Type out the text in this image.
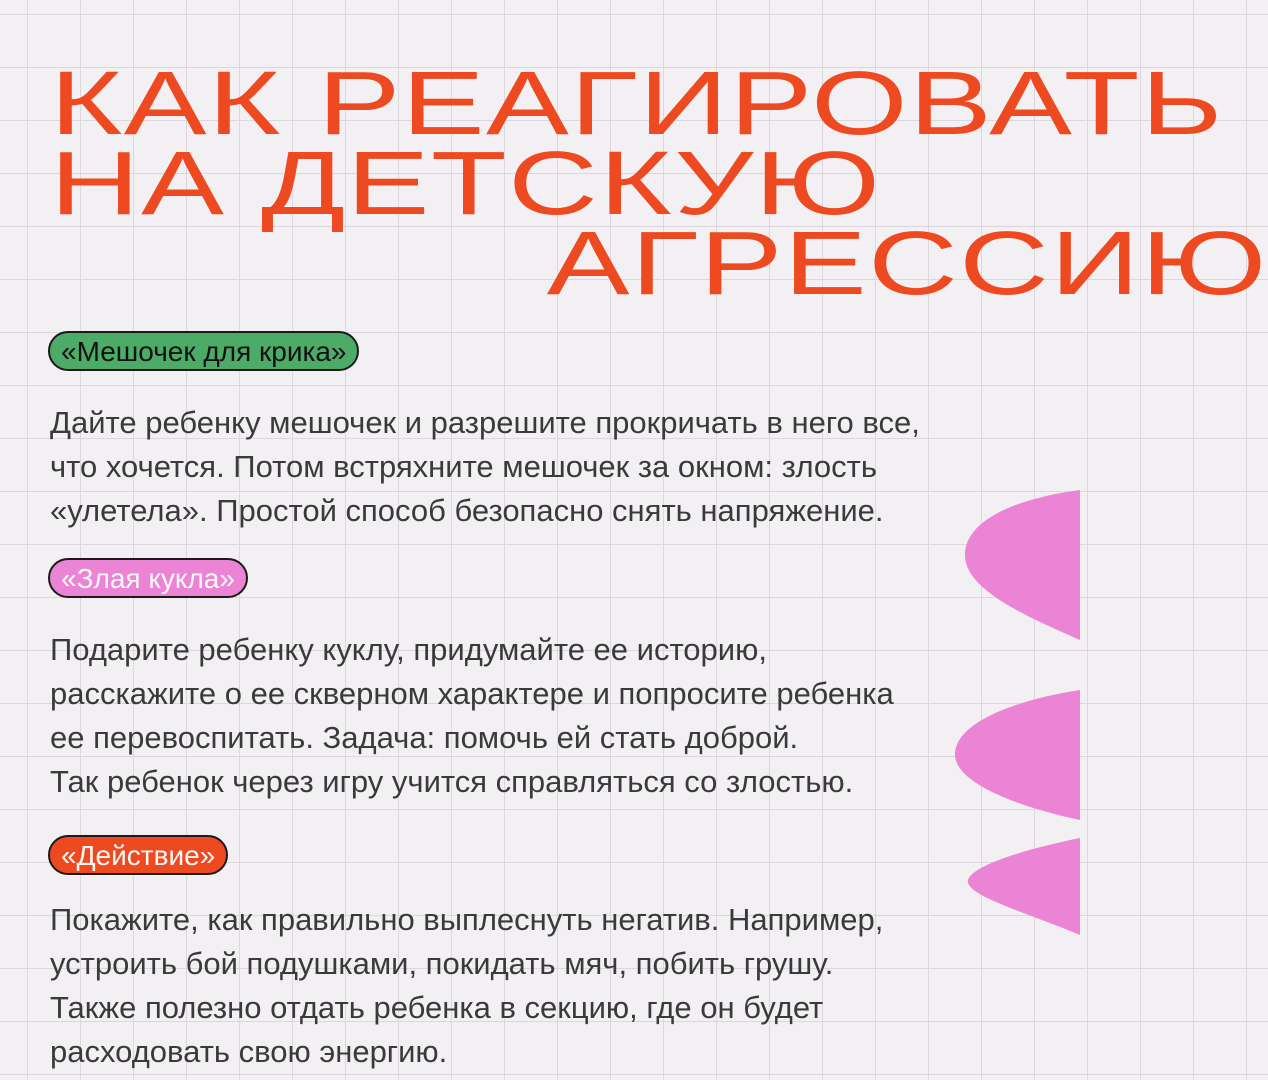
КАК РЕАГИРОВАТЬ
НА ДЕТСКУЮ
АГРЕССИЮ
«Мешочек для крика»

Дайте ребенку мешочек и разрешите прокричать в него все,
что хочется. Потом встряхните мешочек за окном: злость
«улетела». Простой способ безопасно снять напряжение.

«Злая кукла»

Подарите ребенку куклу, придумайте ее историю,
расскажите о ее скверном характере и попросите ребенка
ее перевоспитать. Задача: помочь ей стать доброй.
Так ребенок через игру учится справляться со злостью.

«Действие»

Покажите, как правильно выплеснуть негатив. Например,
устроить бой подушками, покидать мяч, побить грушу.
Также полезно отдать ребенка в секцию, где он будет
расходовать свою энергию.
